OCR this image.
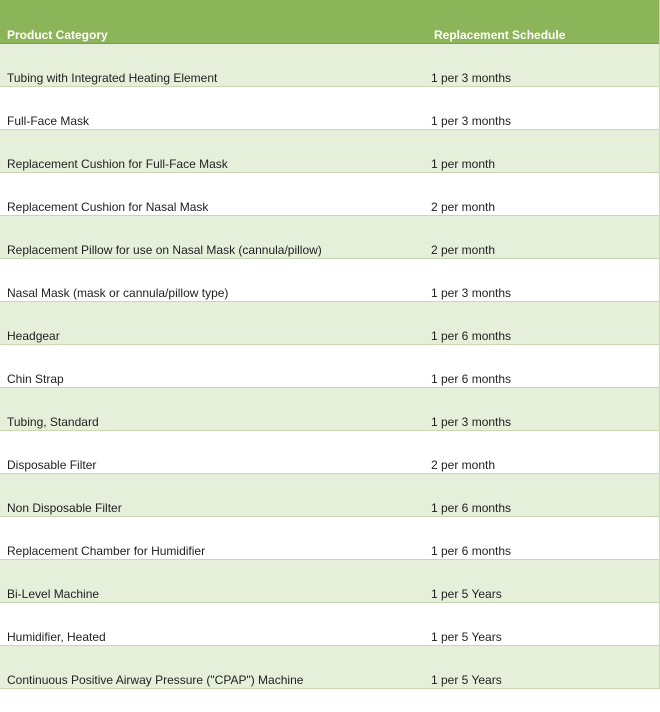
Product Category	Replacement Schedule
Tubing with Integrated Heating Element	1 per 3 months
Full-Face Mask	1 per 3 months
Replacement Cushion for Full-Face Mask	1 per month
Replacement Cushion for Nasal Mask	2 per month
Replacement Pillow for use on Nasal Mask (cannula/pillow)	2 per month
Nasal Mask (mask or cannula/pillow type)	1 per 3 months
Headgear	1 per 6 months
Chin Strap	1 per 6 months
Tubing, Standard	1 per 3 months
Disposable Filter	2 per month
Non Disposable Filter	1 per 6 months
Replacement Chamber for Humidifier	1 per 6 months
Bi-Level Machine	1 per 5 Years
Humidifier, Heated	1 per 5 Years
Continuous Positive Airway Pressure ("CPAP") Machine	1 per 5 Years
